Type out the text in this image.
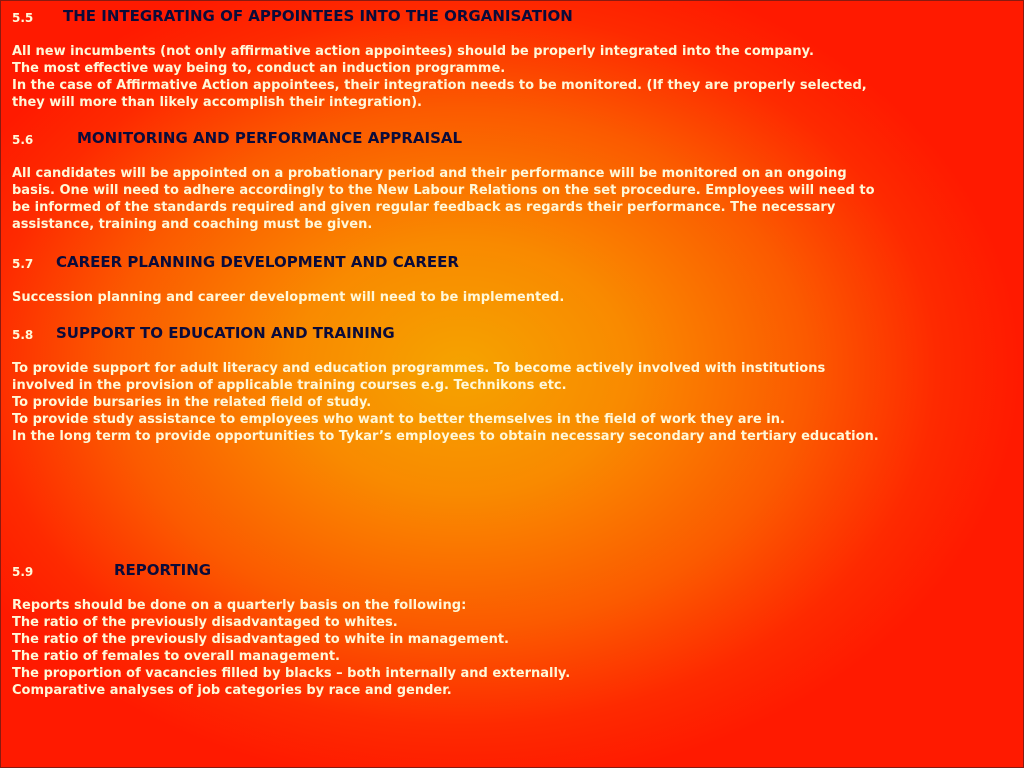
5.5 THE INTEGRATING OF APPOINTEES INTO THE ORGANISATION
All new incumbents (not only affirmative action appointees) should be properly integrated into the company.
The most effective way being to, conduct an induction programme.
In the case of Affirmative Action appointees, their integration needs to be monitored. (If they are properly selected,
they will more than likely accomplish their integration).
5.6	MONITORING AND PERFORMANCE APPRAISAL
All candidates will be appointed on a probationary period and their performance will be monitored on an ongoing
basis. One will need to adhere accordingly to the New Labour Relations on the set procedure. Employees will need to
be informed of the standards required and given regular feedback as regards their performance. The necessary
assistance, training and coaching must be given.
5.7 CAREER PLANNING DEVELOPMENT AND CAREER
Succession planning and career development will need to be implemented.
5.8 SUPPORT TO EDUCATION AND TRAINING
To provide support for adult literacy and education programmes. To become actively involved with institutions
involved in the provision of applicable training courses e.g. Technikons etc.
To provide bursaries in the related field of study.
To provide study assistance to employees who want to better themselves in the field of work they are in.
In the long term to provide opportunities to Tykar’s employees to obtain necessary secondary and tertiary education.
5.9	REPORTING
Reports should be done on a quarterly basis on the following:
The ratio of the previously disadvantaged to whites.
The ratio of the previously disadvantaged to white in management.
The ratio of females to overall management.
The proportion of vacancies filled by blacks – both internally and externally.
Comparative analyses of job categories by race and gender.
